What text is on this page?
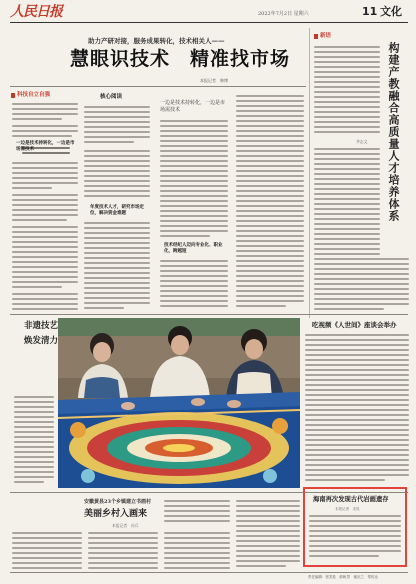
人民日报	2022年7月2日 星期六	11 文化
助力产研对接，服务成果转化，技术相关人——
慧眼识技术　精准找市场
本报记者　韩博
科技自立自强	核心阅读
年度技术人才，研究市场定位，解决资金难题
一边是技术持转化，一边是市场需技术
技术经纪人迈向专业化、职业化，跨越短
一边是技术持转化，一边是市场需技术
新语
构建产教融合高质量人才培养体系
齐志文
非遗技艺
焕发清力
吃视频《人世间》座谈会举办
安徽黄县23个乡镇建立书画村
美丽乡村入画来
本报记者　孙兵
海南再次发现古代岩画遗存
本报记者　宋昊
责任编辑：张笑桂　薛帆男　郁庆之　郑传达
